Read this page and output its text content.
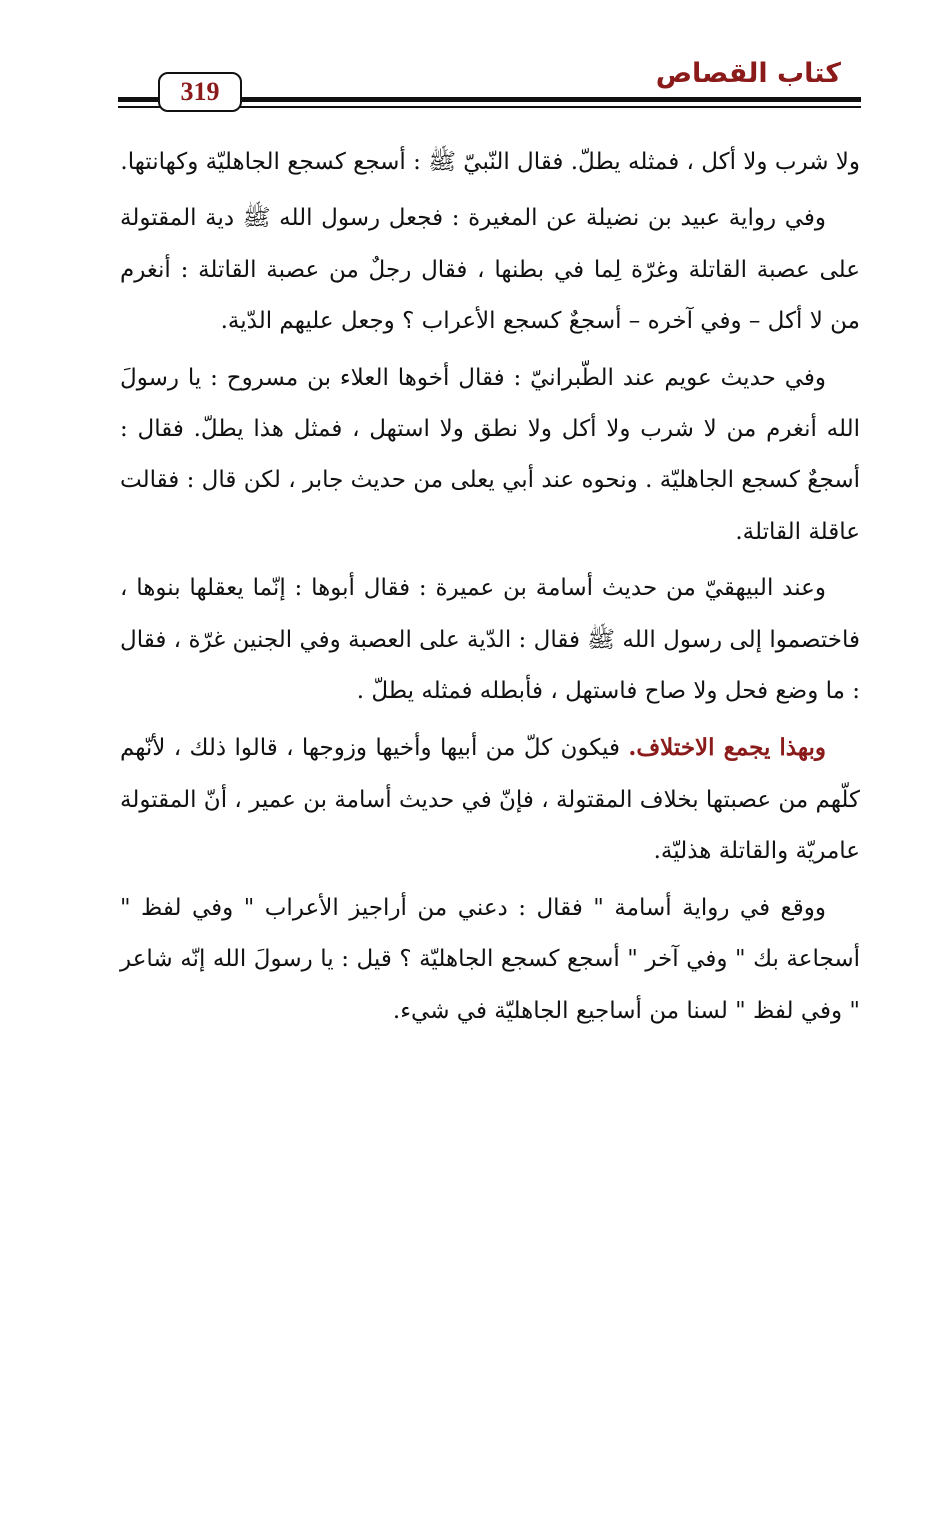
كتاب القصاص
319

ولا شرب ولا أكل ، فمثله يطلّ. فقال النّبيّ ﷺ : أسجع كسجع الجاهليّة وكهانتها.

وفي رواية عبيد بن نضيلة عن المغيرة : فجعل رسول الله ﷺ دية المقتولة على عصبة القاتلة وغرّة لِما في بطنها ، فقال رجلٌ من عصبة القاتلة : أنغرم من لا أكل – وفي آخره – أسجعٌ كسجع الأعراب ؟ وجعل عليهم الدّية.

وفي حديث عويم عند الطّبرانيّ : فقال أخوها العلاء بن مسروح : يا رسولَ الله أنغرم من لا شرب ولا أكل ولا نطق ولا استهل ، فمثل هذا يطلّ. فقال : أسجعٌ كسجع الجاهليّة . ونحوه عند أبي يعلى من حديث جابر ، لكن قال : فقالت عاقلة القاتلة.

وعند البيهقيّ من حديث أسامة بن عميرة : فقال أبوها : إنّما يعقلها بنوها ، فاختصموا إلى رسول الله ﷺ فقال : الدّية على العصبة وفي الجنين غرّة ، فقال : ما وضع فحل ولا صاح فاستهل ، فأبطله فمثله يطلّ .

وبهذا يجمع الاختلاف. فيكون كلّ من أبيها وأخيها وزوجها ، قالوا ذلك ، لأنّهم كلّهم من عصبتها بخلاف المقتولة ، فإنّ في حديث أسامة بن عمير ، أنّ المقتولة عامريّة والقاتلة هذليّة.

ووقع في رواية أسامة " فقال : دعني من أراجيز الأعراب " وفي لفظ " أسجاعة بك " وفي آخر " أسجع كسجع الجاهليّة ؟ قيل : يا رسولَ الله إنّه شاعر " وفي لفظ " لسنا من أساجيع الجاهليّة في شيء.
